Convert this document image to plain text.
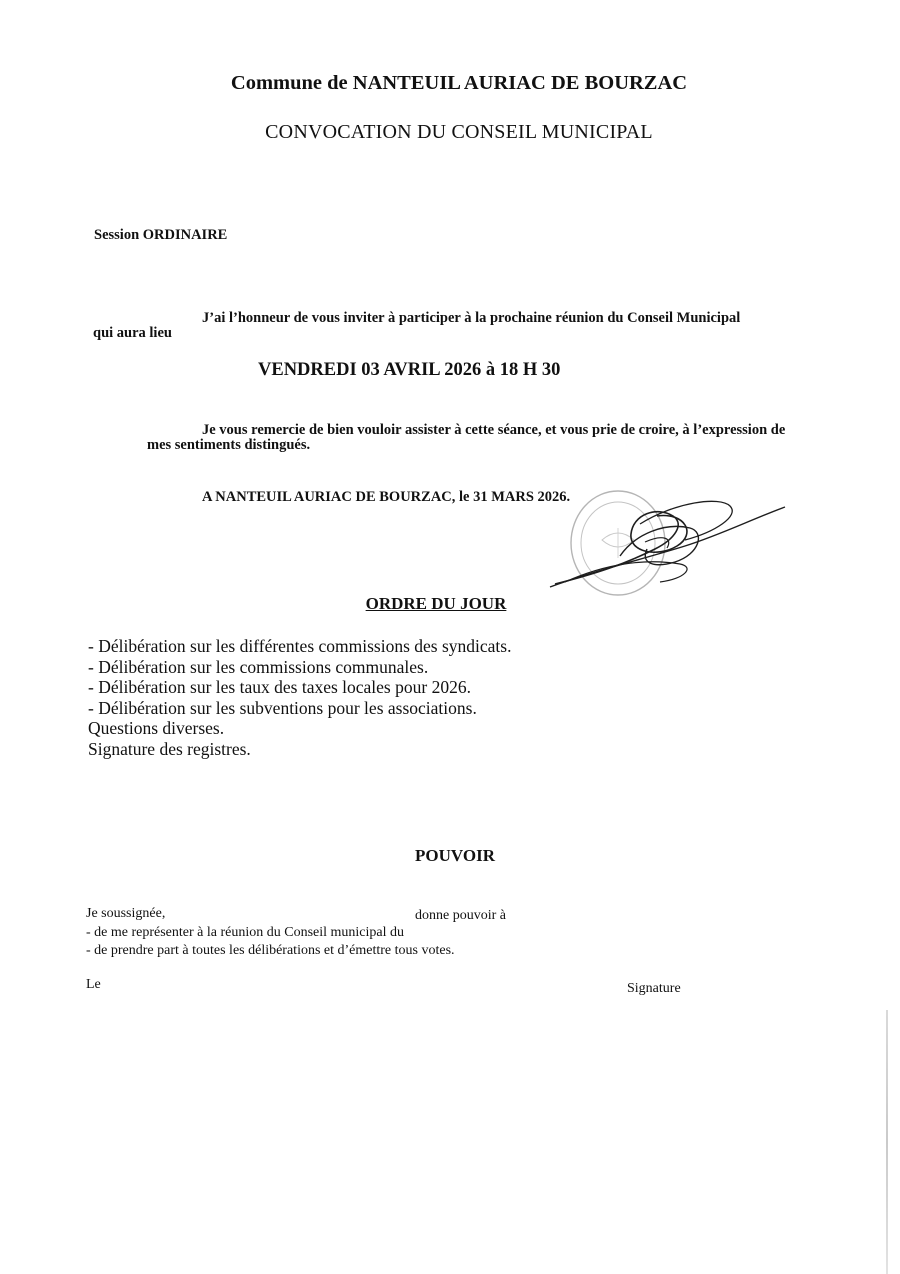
Commune de NANTEUIL AURIAC DE BOURZAC
CONVOCATION DU CONSEIL MUNICIPAL
Session ORDINAIRE
J’ai l’honneur de vous inviter à participer à la prochaine réunion du Conseil Municipal
qui aura lieu
VENDREDI 03 AVRIL 2026 à 18 H 30
Je vous remercie de bien vouloir assister à cette séance, et vous prie de croire, à l’expression de
mes sentiments distingués.
A NANTEUIL AURIAC DE BOURZAC, le 31 MARS 2026.
ORDRE DU JOUR
- Délibération sur les différentes commissions des syndicats.
- Délibération sur les commissions communales.
- Délibération sur les taux des taxes locales pour 2026.
- Délibération sur les subventions pour les associations.
Questions diverses.
Signature des registres.
POUVOIR
Je soussignée,	donne pouvoir à
- de me représenter à la réunion du Conseil municipal du
- de prendre part à toutes les délibérations et d’émettre tous votes.
Le	Signature
